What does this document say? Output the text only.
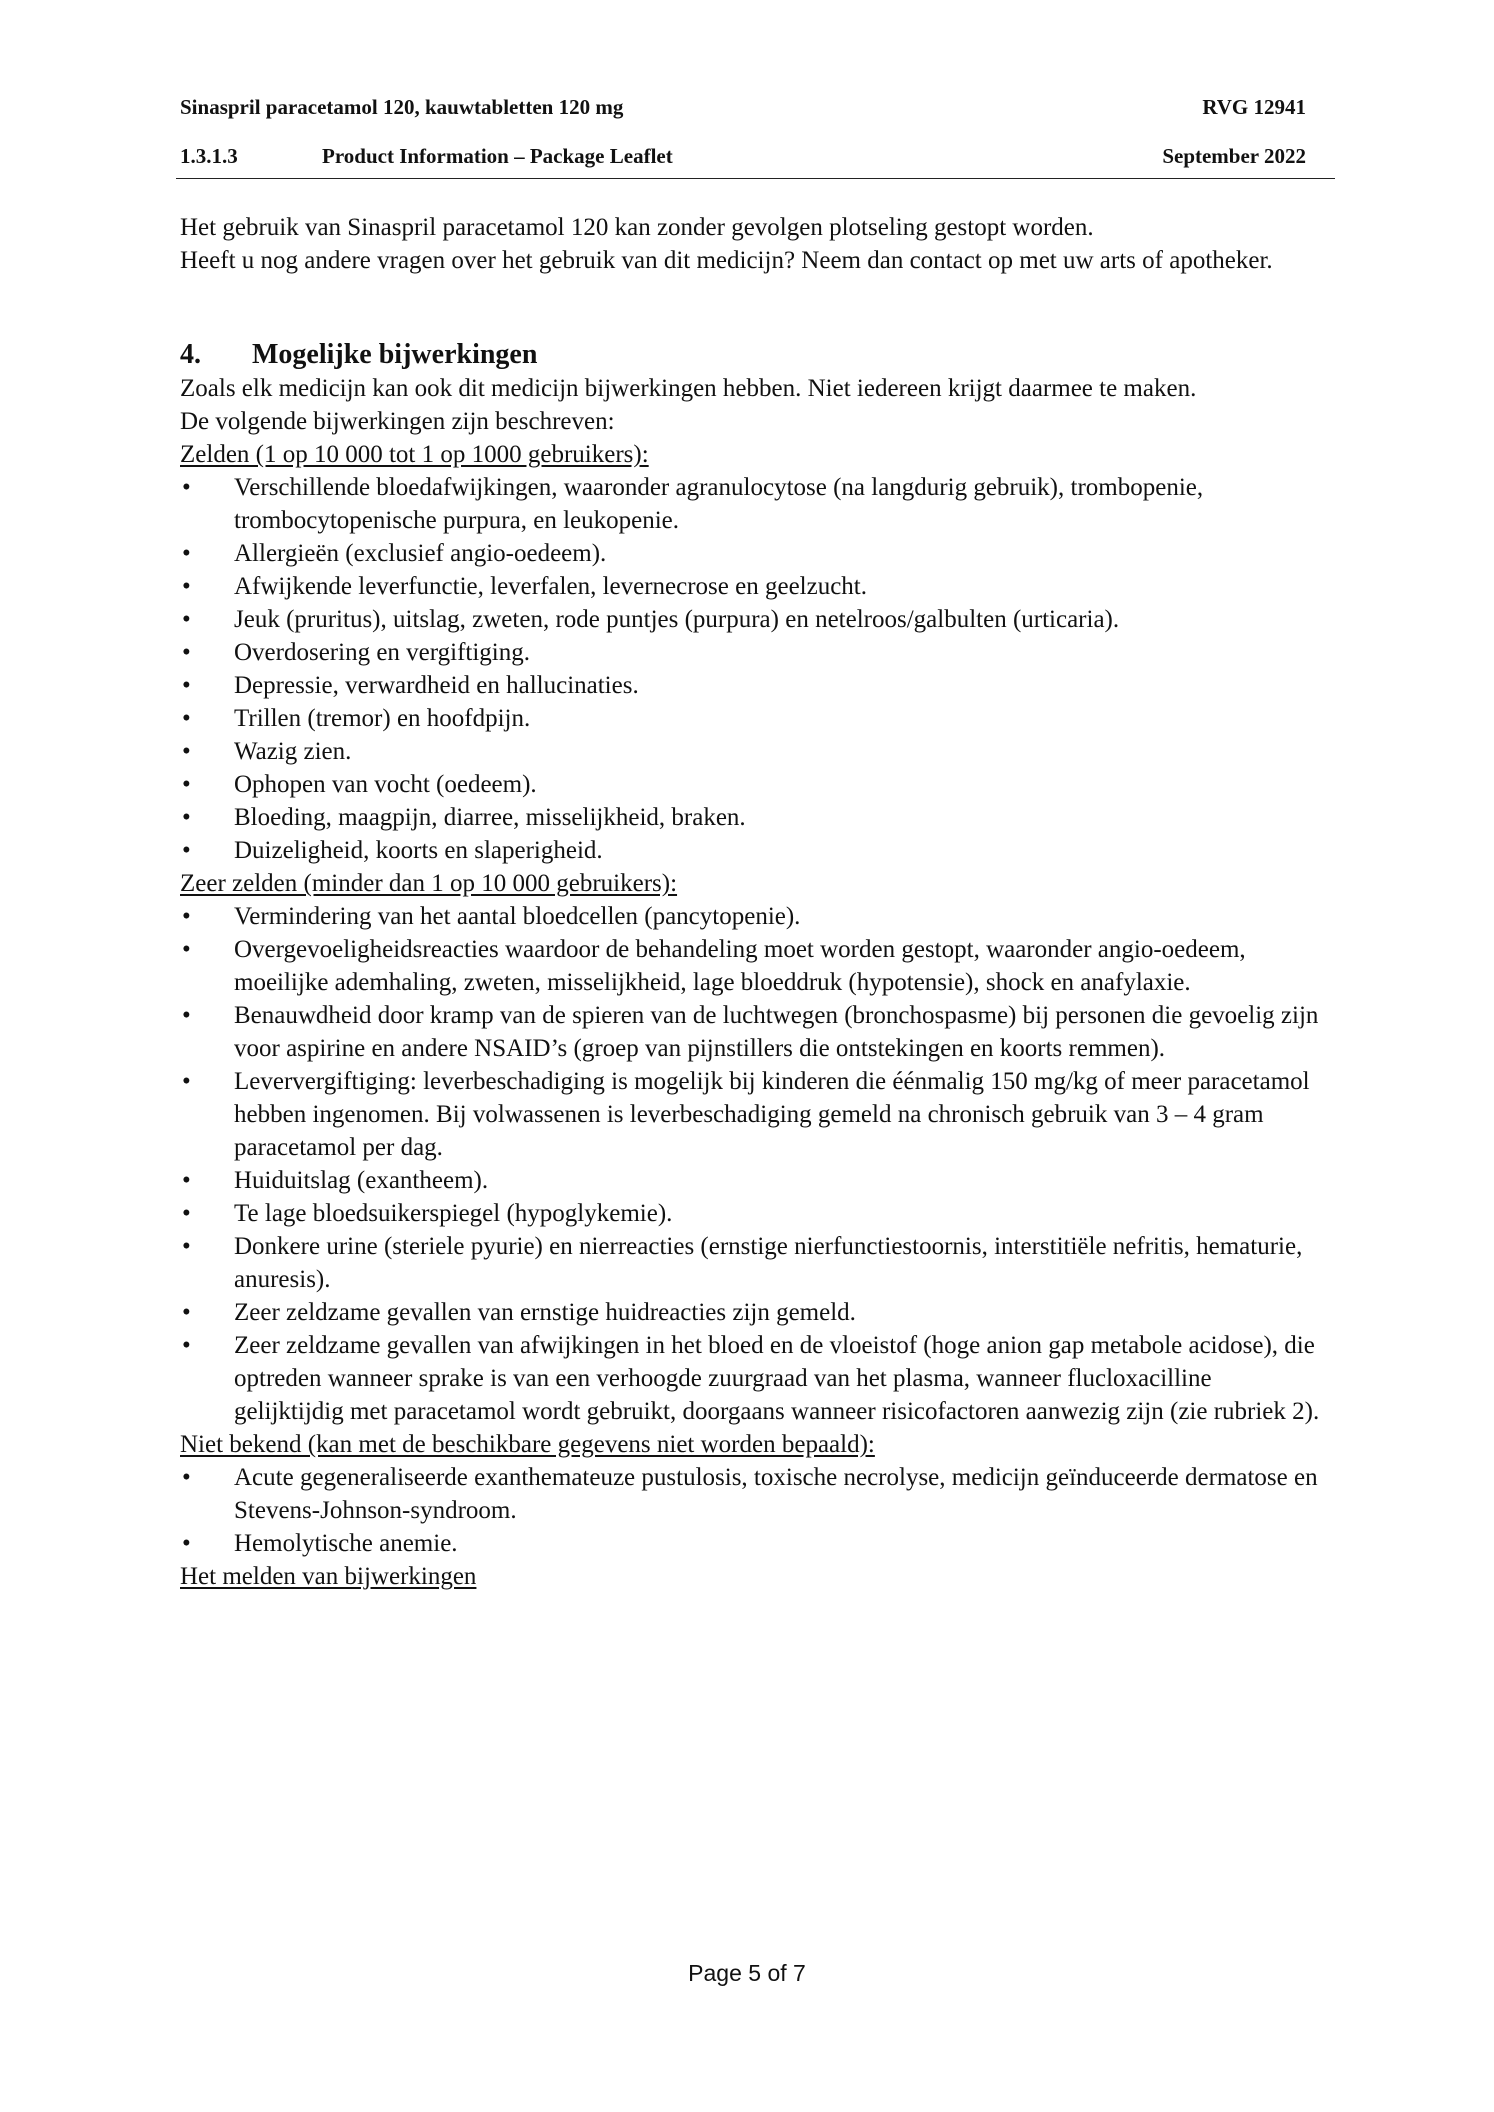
Sinaspril paracetamol 120, kauwtabletten 120 mg	RVG 12941
1.3.1.3	Product Information – Package Leaflet	September 2022

Het gebruik van Sinaspril paracetamol 120 kan zonder gevolgen plotseling gestopt worden.

Heeft u nog andere vragen over het gebruik van dit medicijn? Neem dan contact op met uw arts of apotheker.

4. Mogelijke bijwerkingen

Zoals elk medicijn kan ook dit medicijn bijwerkingen hebben. Niet iedereen krijgt daarmee te maken.

De volgende bijwerkingen zijn beschreven:

Zelden (1 op 10 000 tot 1 op 1000 gebruikers):

• Verschillende bloedafwijkingen, waaronder agranulocytose (na langdurig gebruik), trombopenie, trombocytopenische purpura, en leukopenie.
• Allergieën (exclusief angio-oedeem).
• Afwijkende leverfunctie, leverfalen, levernecrose en geelzucht.
• Jeuk (pruritus), uitslag, zweten, rode puntjes (purpura) en netelroos/galbulten (urticaria).
• Overdosering en vergiftiging.
• Depressie, verwardheid en hallucinaties.
• Trillen (tremor) en hoofdpijn.
• Wazig zien.
• Ophopen van vocht (oedeem).
• Bloeding, maagpijn, diarree, misselijkheid, braken.
• Duizeligheid, koorts en slaperigheid.

Zeer zelden (minder dan 1 op 10 000 gebruikers):

• Vermindering van het aantal bloedcellen (pancytopenie).
• Overgevoeligheidsreacties waardoor de behandeling moet worden gestopt, waaronder angio-oedeem, moeilijke ademhaling, zweten, misselijkheid, lage bloeddruk (hypotensie), shock en anafylaxie.
• Benauwdheid door kramp van de spieren van de luchtwegen (bronchospasme) bij personen die gevoelig zijn voor aspirine en andere NSAID’s (groep van pijnstillers die ontstekingen en koorts remmen).
• Leververgiftiging: leverbeschadiging is mogelijk bij kinderen die éénmalig 150 mg/kg of meer paracetamol hebben ingenomen. Bij volwassenen is leverbeschadiging gemeld na chronisch gebruik van 3 – 4 gram paracetamol per dag.
• Huiduitslag (exantheem).
• Te lage bloedsuikerspiegel (hypoglykemie).
• Donkere urine (steriele pyurie) en nierreacties (ernstige nierfunctiestoornis, interstitiële nefritis, hematurie, anuresis).
• Zeer zeldzame gevallen van ernstige huidreacties zijn gemeld.
• Zeer zeldzame gevallen van afwijkingen in het bloed en de vloeistof (hoge anion gap metabole acidose), die optreden wanneer sprake is van een verhoogde zuurgraad van het plasma, wanneer flucloxacilline gelijktijdig met paracetamol wordt gebruikt, doorgaans wanneer risicofactoren aanwezig zijn (zie rubriek 2).

Niet bekend (kan met de beschikbare gegevens niet worden bepaald):

• Acute gegeneraliseerde exanthemateuze pustulosis, toxische necrolyse, medicijn geïnduceerde dermatose en Stevens-Johnson-syndroom.
• Hemolytische anemie.

Het melden van bijwerkingen

Page 5 of 7
